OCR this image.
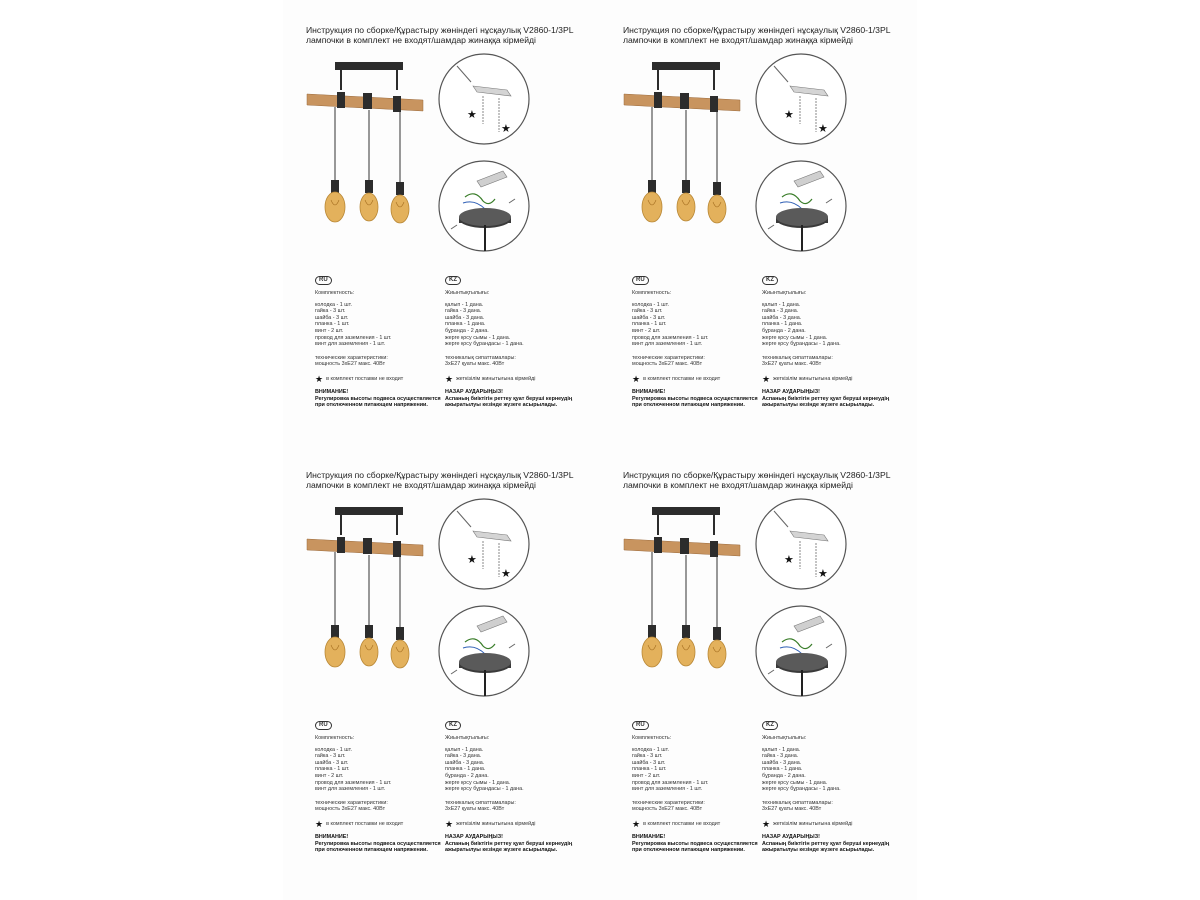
Инструкция по сборке/Құрастыру жөніндегі нұсқаулық V2860-1/3PL
лампочки в комплект не входят/шамдар жинаққа кірмейді
★
★
RU
Комплектность:
колодка - 1 шт.
гайка - 3 шт.
шайба - 3 шт.
планка - 1 шт.
винт - 2 шт.
провод для заземления - 1 шт.
винт для заземления - 1 шт.
технические характеристики:
мощность 3хE27 макс. 40Вт
★ в комплект поставки не входит
ВНИМАНИЕ!
Регулировка высоты подвеса осуществляется
при отключенном питающем напряжении.
KZ
Жиынтықтылығы:
қалып - 1 дана.
гайка - 3 дана.
шайба - 3 дана.
планка - 1 дана.
бұранда - 2 дана.
жерге қосу сымы - 1 дана.
жерге қосу бұрандасы - 1 дана.
техникалық сипаттамалары:
3хE27 қуаты макс. 40Вт
★ жеткізілім жинытығына кірмейді
НАЗАР АУДАРЫҢЫЗ!
Аспаның биіктігін реттеу қуат беруші кернеудің
ажыратылуы кезінде жүзеге асырылады.
Инструкция по сборке/Құрастыру жөніндегі нұсқаулық V2860-1/3PL
лампочки в комплект не входят/шамдар жинаққа кірмейді
★
★
RU
Комплектность:
колодка - 1 шт.
гайка - 3 шт.
шайба - 3 шт.
планка - 1 шт.
винт - 2 шт.
провод для заземления - 1 шт.
винт для заземления - 1 шт.
технические характеристики:
мощность 3хE27 макс. 40Вт
★ в комплект поставки не входит
ВНИМАНИЕ!
Регулировка высоты подвеса осуществляется
при отключенном питающем напряжении.
KZ
Жиынтықтылығы:
қалып - 1 дана.
гайка - 3 дана.
шайба - 3 дана.
планка - 1 дана.
бұранда - 2 дана.
жерге қосу сымы - 1 дана.
жерге қосу бұрандасы - 1 дана.
техникалық сипаттамалары:
3хE27 қуаты макс. 40Вт
★ жеткізілім жинытығына кірмейді
НАЗАР АУДАРЫҢЫЗ!
Аспаның биіктігін реттеу қуат беруші кернеудің
ажыратылуы кезінде жүзеге асырылады.
Инструкция по сборке/Құрастыру жөніндегі нұсқаулық V2860-1/3PL
лампочки в комплект не входят/шамдар жинаққа кірмейді
★
★
RU
Комплектность:
колодка - 1 шт.
гайка - 3 шт.
шайба - 3 шт.
планка - 1 шт.
винт - 2 шт.
провод для заземления - 1 шт.
винт для заземления - 1 шт.
технические характеристики:
мощность 3хE27 макс. 40Вт
★ в комплект поставки не входит
ВНИМАНИЕ!
Регулировка высоты подвеса осуществляется
при отключенном питающем напряжении.
KZ
Жиынтықтылығы:
қалып - 1 дана.
гайка - 3 дана.
шайба - 3 дана.
планка - 1 дана.
бұранда - 2 дана.
жерге қосу сымы - 1 дана.
жерге қосу бұрандасы - 1 дана.
техникалық сипаттамалары:
3хE27 қуаты макс. 40Вт
★ жеткізілім жинытығына кірмейді
НАЗАР АУДАРЫҢЫЗ!
Аспаның биіктігін реттеу қуат беруші кернеудің
ажыратылуы кезінде жүзеге асырылады.
Инструкция по сборке/Құрастыру жөніндегі нұсқаулық V2860-1/3PL
лампочки в комплект не входят/шамдар жинаққа кірмейді
★
★
RU
Комплектность:
колодка - 1 шт.
гайка - 3 шт.
шайба - 3 шт.
планка - 1 шт.
винт - 2 шт.
провод для заземления - 1 шт.
винт для заземления - 1 шт.
технические характеристики:
мощность 3хE27 макс. 40Вт
★ в комплект поставки не входит
ВНИМАНИЕ!
Регулировка высоты подвеса осуществляется
при отключенном питающем напряжении.
KZ
Жиынтықтылығы:
қалып - 1 дана.
гайка - 3 дана.
шайба - 3 дана.
планка - 1 дана.
бұранда - 2 дана.
жерге қосу сымы - 1 дана.
жерге қосу бұрандасы - 1 дана.
техникалық сипаттамалары:
3хE27 қуаты макс. 40Вт
★ жеткізілім жинытығына кірмейді
НАЗАР АУДАРЫҢЫЗ!
Аспаның биіктігін реттеу қуат беруші кернеудің
ажыратылуы кезінде жүзеге асырылады.
